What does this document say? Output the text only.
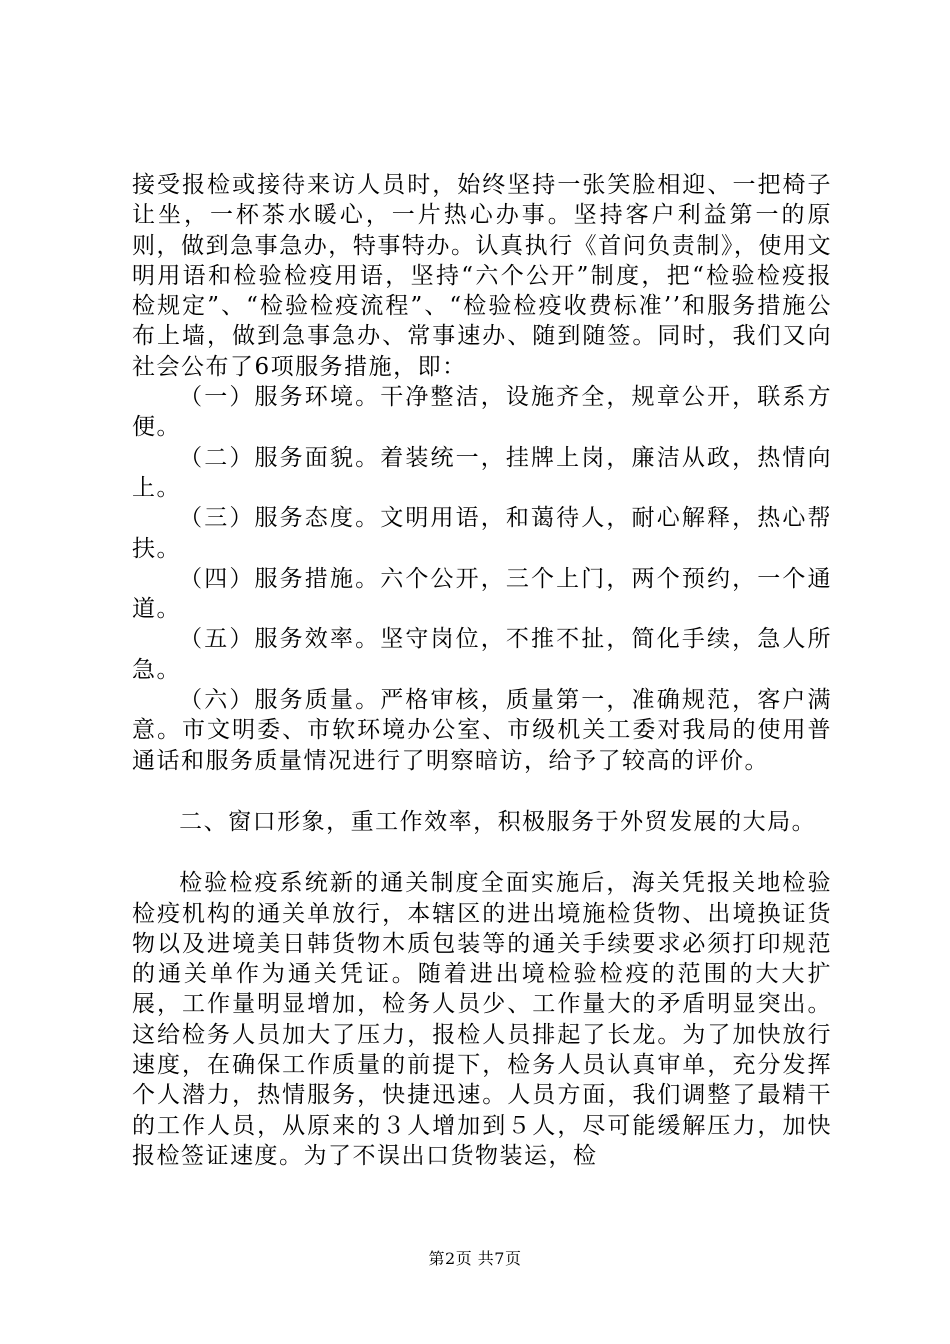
接受报检或接待来访人员时，始终坚持一张笑脸相迎、一把椅子让坐，一杯茶水暖心，一片热心办事。坚持客户利益第一的原则，做到急事急办，特事特办。认真执行《首问负责制》，使用文明用语和检验检疫用语，坚持“六个公开”制度，把“检验检疫报检规定”、“检验检疫流程”、“检验检疫收费标准’’和服务措施公布上墙，做到急事急办、常事速办、随到随签。同时，我们又向社会公布了6项服务措施，即：

（一）服务环境。干净整洁，设施齐全，规章公开，联系方便。

（二）服务面貌。着装统一，挂牌上岗，廉洁从政，热情向上。

（三）服务态度。文明用语，和蔼待人，耐心解释，热心帮扶。

（四）服务措施。六个公开，三个上门，两个预约，一个通道。

（五）服务效率。坚守岗位，不推不扯，简化手续，急人所急。

（六）服务质量。严格审核，质量第一，准确规范，客户满意。市文明委、市软环境办公室、市级机关工委对我局的使用普通话和服务质量情况进行了明察暗访，给予了较高的评价。

二、窗口形象，重工作效率，积极服务于外贸发展的大局。

检验检疫系统新的通关制度全面实施后，海关凭报关地检验检疫机构的通关单放行，本辖区的进出境施检货物、出境换证货物以及进境美日韩货物木质包装等的通关手续要求必须打印规范的通关单作为通关凭证。随着进出境检验检疫的范围的大大扩展，工作量明显增加，检务人员少、工作量大的矛盾明显突出。这给检务人员加大了压力，报检人员排起了长龙。为了加快放行速度，在确保工作质量的前提下，检务人员认真审单，充分发挥个人潜力，热情服务，快捷迅速。人员方面，我们调整了最精干的工作人员，从原来的３人增加到５人，尽可能缓解压力，加快报检签证速度。为了不误出口货物装运，检

第2页 共7页
